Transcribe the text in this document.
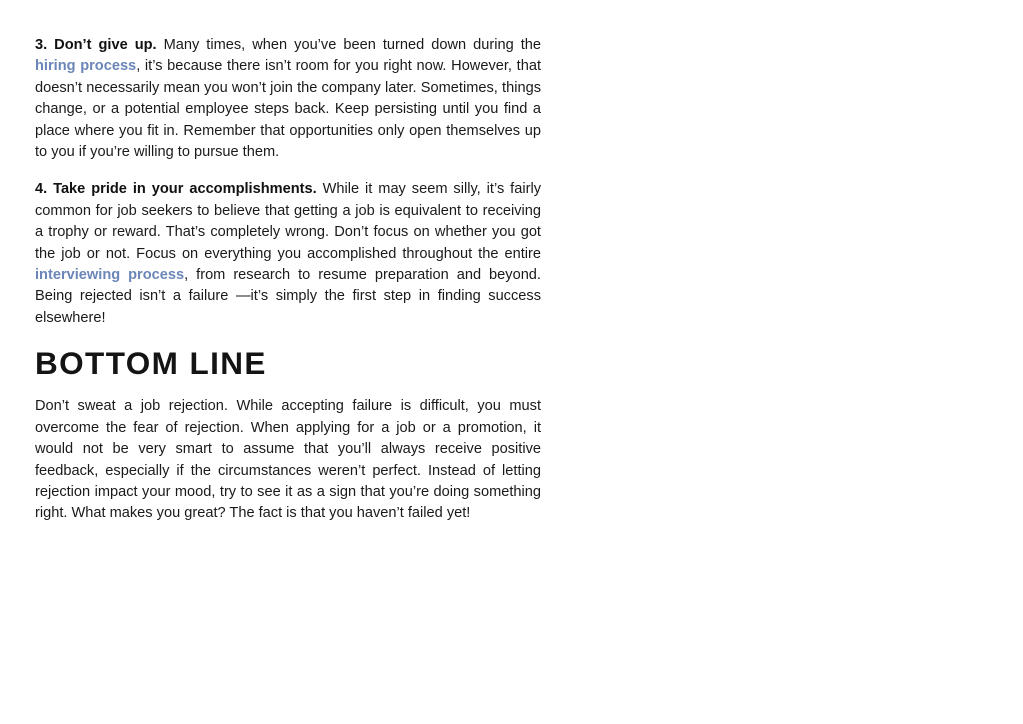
3. Don’t give up. Many times, when you’ve been turned down during the hiring process, it’s because there isn’t room for you right now. However, that doesn’t necessarily mean you won’t join the company later. Sometimes, things change, or a potential employee steps back. Keep persisting until you find a place where you fit in. Remember that opportunities only open themselves up to you if you’re willing to pursue them.

4. Take pride in your accomplishments. While it may seem silly, it’s fairly common for job seekers to believe that getting a job is equivalent to receiving a trophy or reward. That’s completely wrong. Don’t focus on whether you got the job or not. Focus on everything you accomplished throughout the entire interviewing process, from research to resume preparation and beyond. Being rejected isn’t a failure —it’s simply the first step in finding success elsewhere!

BOTTOM LINE

Don’t sweat a job rejection. While accepting failure is difficult, you must overcome the fear of rejection. When applying for a job or a promotion, it would not be very smart to assume that you’ll always receive positive feedback, especially if the circumstances weren’t perfect. Instead of letting rejection impact your mood, try to see it as a sign that you’re doing something right. What makes you great? The fact is that you haven’t failed yet!
